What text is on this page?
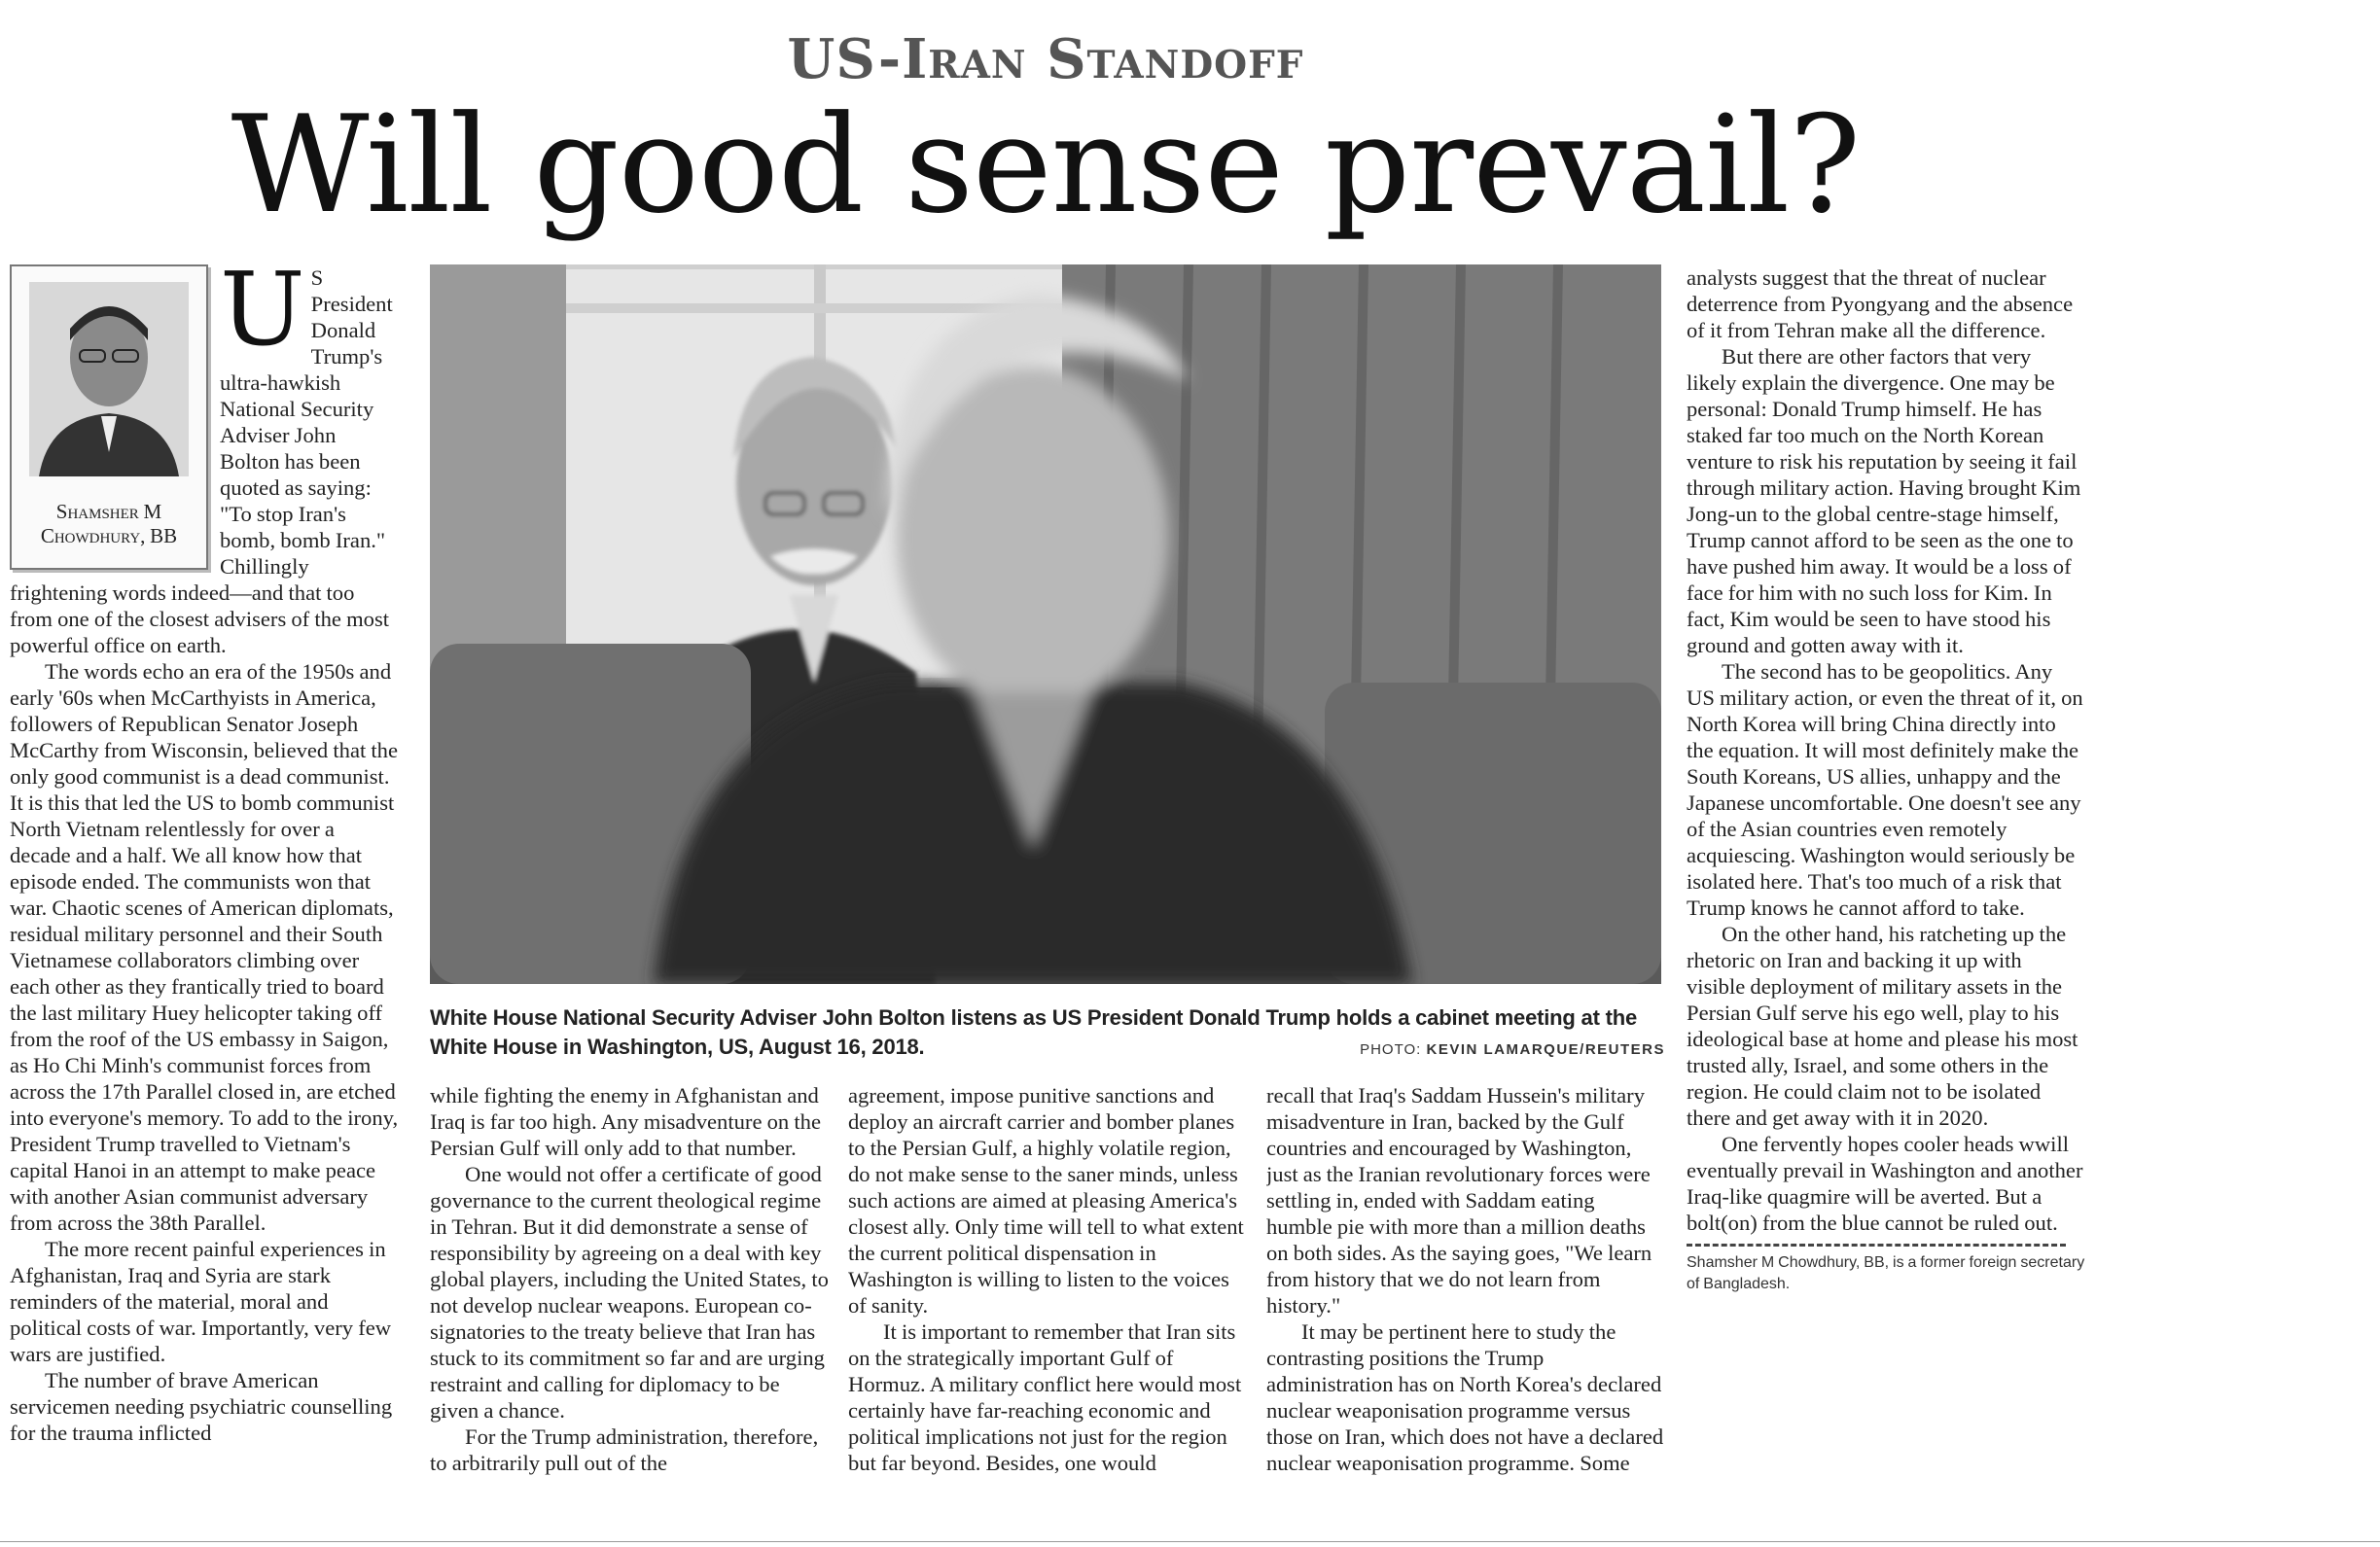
US-Iran Standoff
Will good sense prevail?
Shamsher M
Chowdhury, BB
U S President Donald Trump's ultra-hawkish National Security Adviser John Bolton has been quoted as saying: "To stop Iran's bomb, bomb Iran." Chillingly frightening words indeed—and that too from one of the closest advisers of the most powerful office on earth.

The words echo an era of the 1950s and early '60s when McCarthyists in America, followers of Republican Senator Joseph McCarthy from Wisconsin, believed that the only good communist is a dead communist.

It is this that led the US to bomb communist North Vietnam relentlessly for over a decade and a half. We all know how that episode ended. The communists won that war. Chaotic scenes of American diplomats, residual military personnel and their South Vietnamese collaborators climbing over each other as they frantically tried to board the last military Huey helicopter taking off from the roof of the US embassy in Saigon, as Ho Chi Minh's communist forces from across the 17th Parallel closed in, are etched into everyone's memory. To add to the irony, President Trump travelled to Vietnam's capital Hanoi in an attempt to make peace with another Asian communist adversary from across the 38th Parallel.

The more recent painful experiences in Afghanistan, Iraq and Syria are stark reminders of the material, moral and political costs of war. Importantly, very few wars are justified.

The number of brave American servicemen needing psychiatric counselling for the trauma inflicted

White House National Security Adviser John Bolton listens as US President Donald Trump holds a cabinet meeting at the White House in Washington, US, August 16, 2018.	PHOTO: KEVIN LAMARQUE/REUTERS

while fighting the enemy in Afghanistan and Iraq is far too high. Any misadventure on the Persian Gulf will only add to that number.

One would not offer a certificate of good governance to the current theological regime in Tehran. But it did demonstrate a sense of responsibility by agreeing on a deal with key global players, including the United States, to not develop nuclear weapons. European co-signatories to the treaty believe that Iran has stuck to its commitment so far and are urging restraint and calling for diplomacy to be given a chance.

For the Trump administration, therefore, to arbitrarily pull out of the

agreement, impose punitive sanctions and deploy an aircraft carrier and bomber planes to the Persian Gulf, a highly volatile region, do not make sense to the saner minds, unless such actions are aimed at pleasing America's closest ally. Only time will tell to what extent the current political dispensation in Washington is willing to listen to the voices of sanity.

It is important to remember that Iran sits on the strategically important Gulf of Hormuz. A military conflict here would most certainly have far-reaching economic and political implications not just for the region but far beyond. Besides, one would

recall that Iraq's Saddam Hussein's military misadventure in Iran, backed by the Gulf countries and encouraged by Washington, just as the Iranian revolutionary forces were settling in, ended with Saddam eating humble pie with more than a million deaths on both sides. As the saying goes, "We learn from history that we do not learn from history."

It may be pertinent here to study the contrasting positions the Trump administration has on North Korea's declared nuclear weaponisation programme versus those on Iran, which does not have a declared nuclear weaponisation programme. Some

analysts suggest that the threat of nuclear deterrence from Pyongyang and the absence of it from Tehran make all the difference.

But there are other factors that very likely explain the divergence. One may be personal: Donald Trump himself. He has staked far too much on the North Korean venture to risk his reputation by seeing it fail through military action. Having brought Kim Jong-un to the global centre-stage himself, Trump cannot afford to be seen as the one to have pushed him away. It would be a loss of face for him with no such loss for Kim. In fact, Kim would be seen to have stood his ground and gotten away with it.

The second has to be geopolitics. Any US military action, or even the threat of it, on North Korea will bring China directly into the equation. It will most definitely make the South Koreans, US allies, unhappy and the Japanese uncomfortable. One doesn't see any of the Asian countries even remotely acquiescing. Washington would seriously be isolated here. That's too much of a risk that Trump knows he cannot afford to take.

On the other hand, his ratcheting up the rhetoric on Iran and backing it up with visible deployment of military assets in the Persian Gulf serve his ego well, play to his ideological base at home and please his most trusted ally, Israel, and some others in the region. He could claim not to be isolated there and get away with it in 2020.

One fervently hopes cooler heads wwill eventually prevail in Washington and another Iraq-like quagmire will be averted. But a bolt(on) from the blue cannot be ruled out.

Shamsher M Chowdhury, BB, is a former foreign secretary of Bangladesh.
